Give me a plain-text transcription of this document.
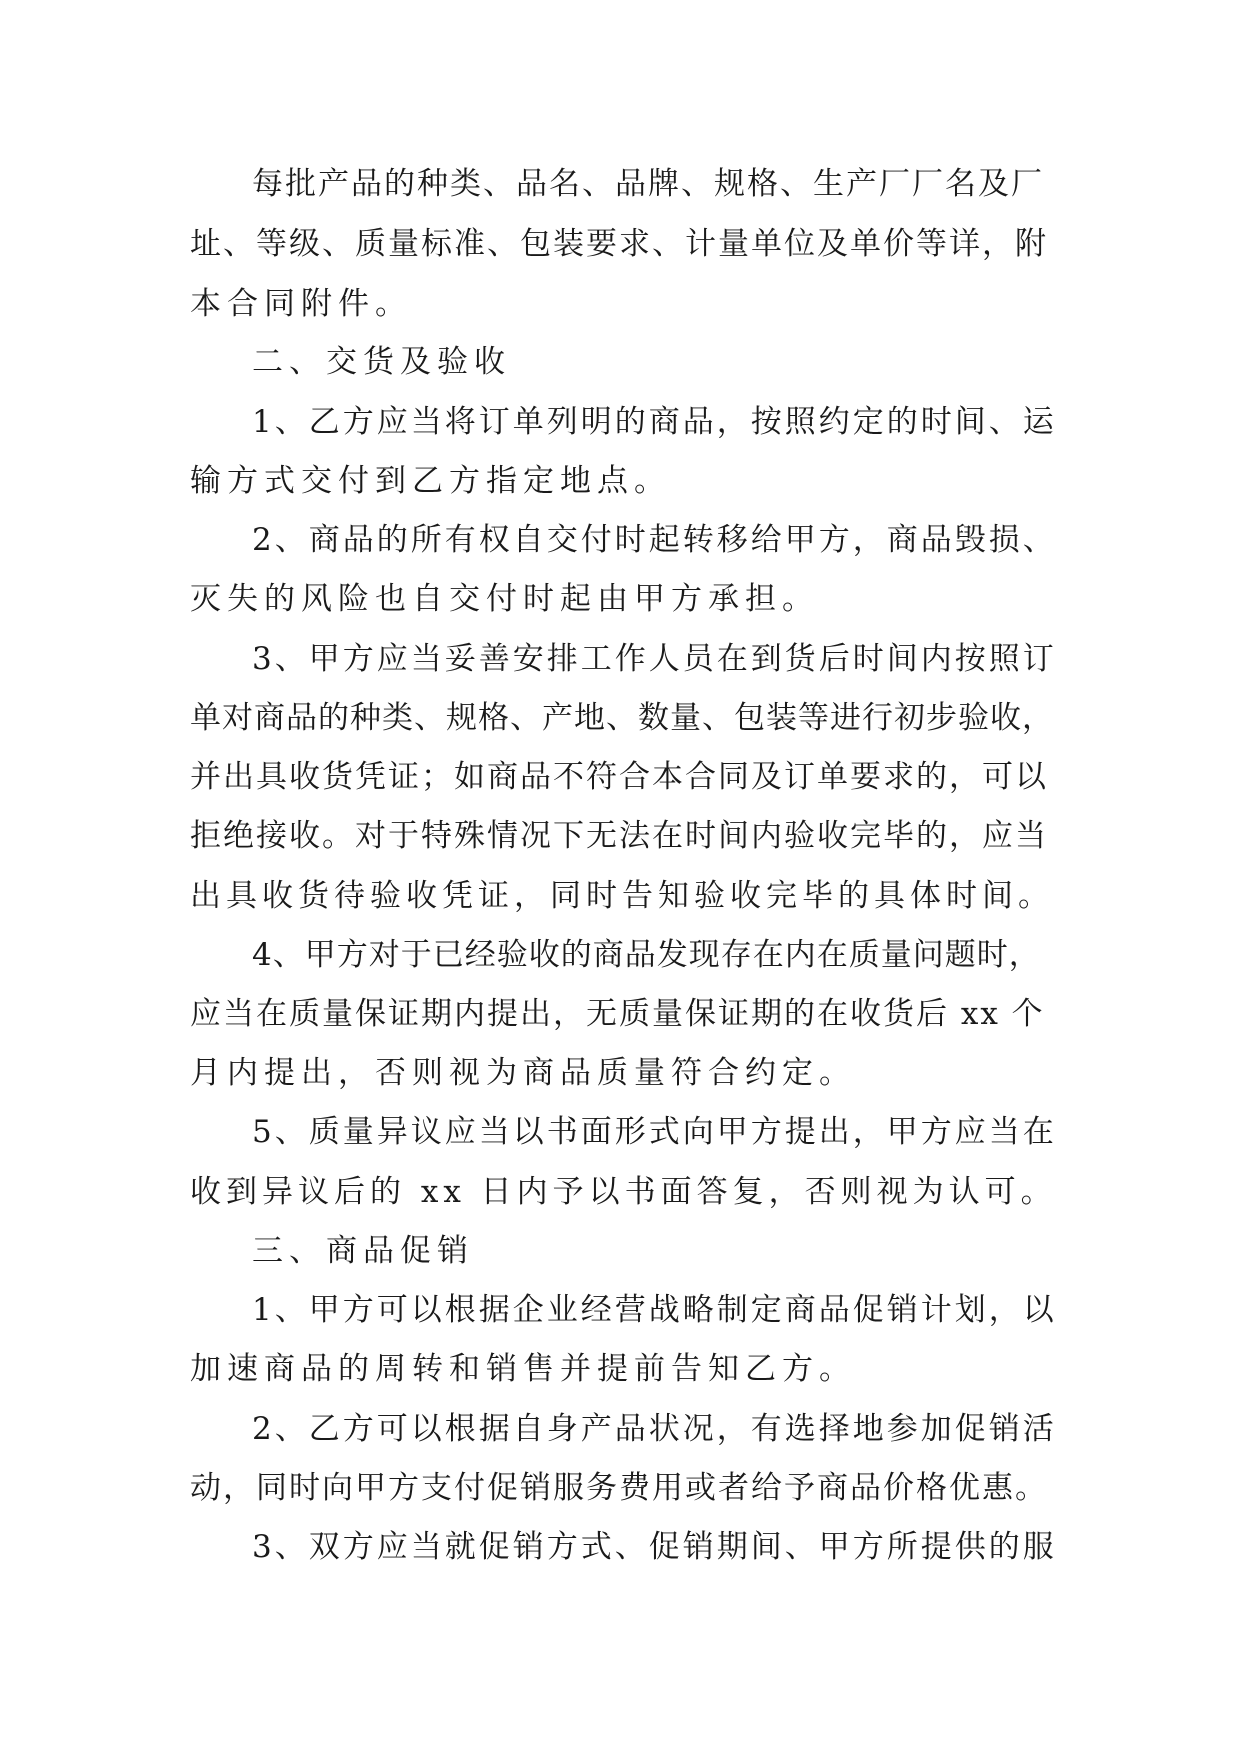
每批产品的种类、品名、品牌、规格、生产厂厂名及厂
址、等级、质量标准、包装要求、计量单位及单价等详，附
本合同附件。
二、交货及验收
1、乙方应当将订单列明的商品，按照约定的时间、运
输方式交付到乙方指定地点。
2、商品的所有权自交付时起转移给甲方，商品毁损、
灭失的风险也自交付时起由甲方承担。
3、甲方应当妥善安排工作人员在到货后时间内按照订
单对商品的种类、规格、产地、数量、包装等进行初步验收，
并出具收货凭证；如商品不符合本合同及订单要求的，可以
拒绝接收。对于特殊情况下无法在时间内验收完毕的，应当
出具收货待验收凭证，同时告知验收完毕的具体时间。
4、甲方对于已经验收的商品发现存在内在质量问题时，
应当在质量保证期内提出，无质量保证期的在收货后 xx 个
月内提出，否则视为商品质量符合约定。
5、质量异议应当以书面形式向甲方提出，甲方应当在
收到异议后的 xx 日内予以书面答复，否则视为认可。
三、商品促销
1、甲方可以根据企业经营战略制定商品促销计划，以
加速商品的周转和销售并提前告知乙方。
2、乙方可以根据自身产品状况，有选择地参加促销活
动，同时向甲方支付促销服务费用或者给予商品价格优惠。
3、双方应当就促销方式、促销期间、甲方所提供的服
